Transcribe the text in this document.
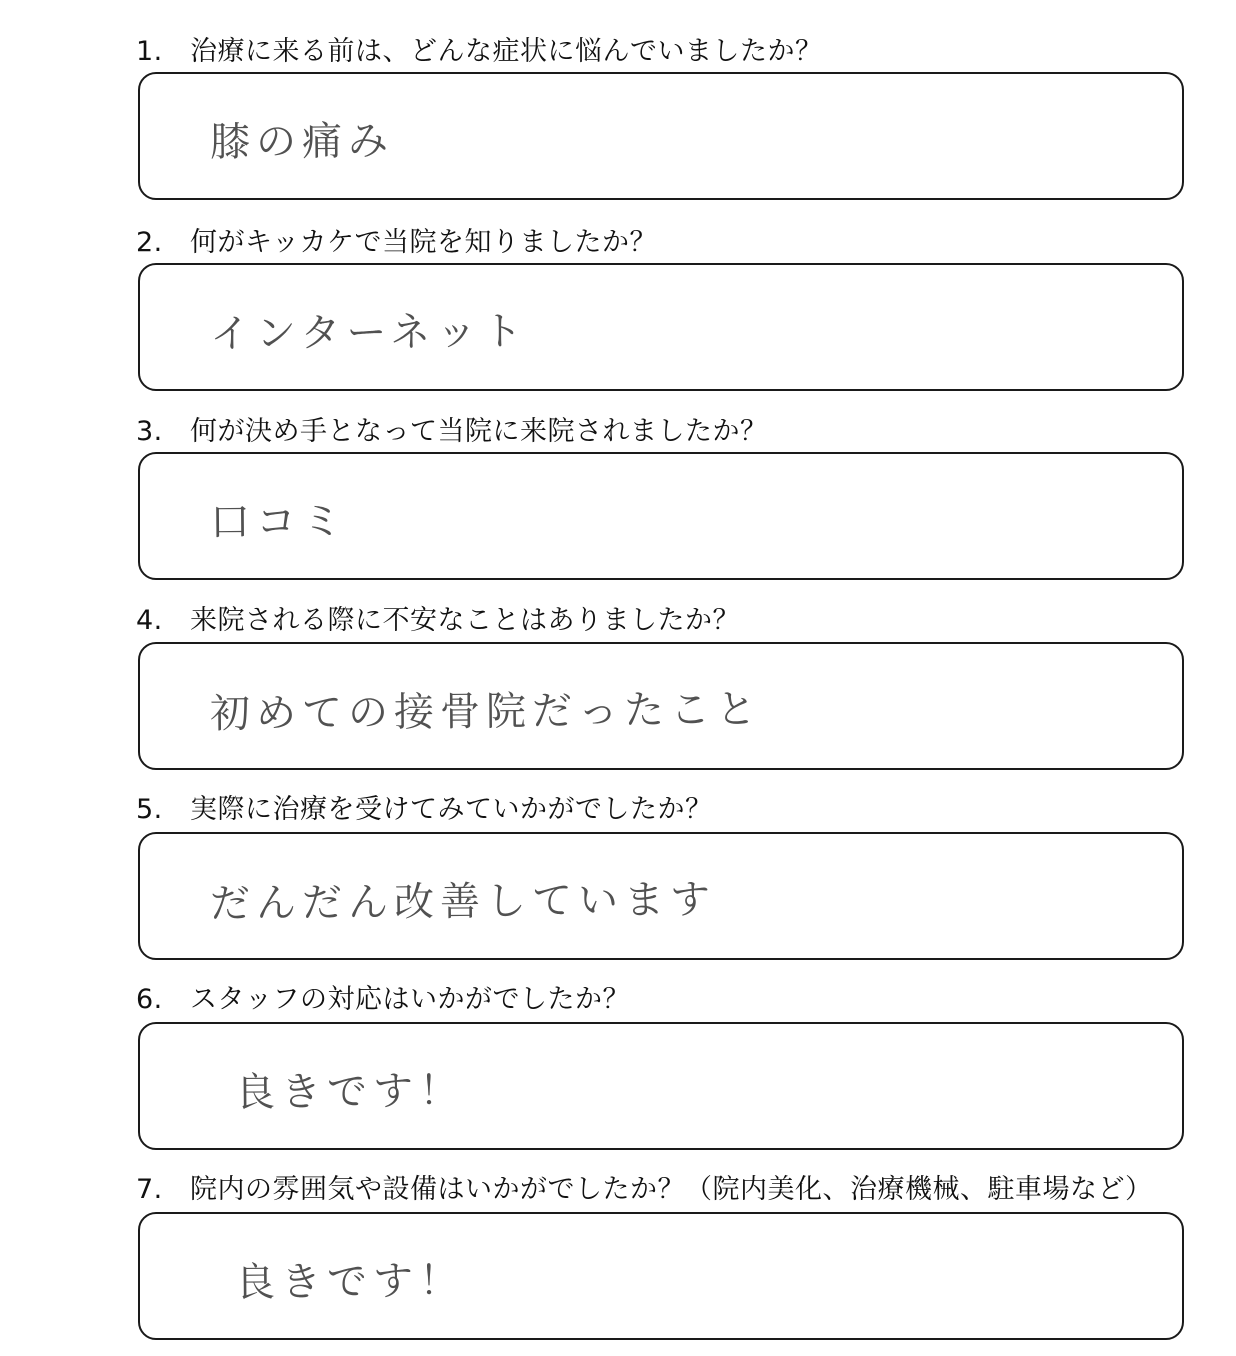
1. 治療に来る前は、どんな症状に悩んでいましたか？
膝の痛み
2. 何がキッカケで当院を知りましたか？
インターネット
3. 何が決め手となって当院に来院されましたか？
口コミ
4. 来院される際に不安なことはありましたか？
初めての接骨院だったこと
5. 実際に治療を受けてみていかがでしたか？
だんだん改善しています
6. スタッフの対応はいかがでしたか？
良きです！
7. 院内の雰囲気や設備はいかがでしたか？（院内美化、治療機械、駐車場など）
良きです！
